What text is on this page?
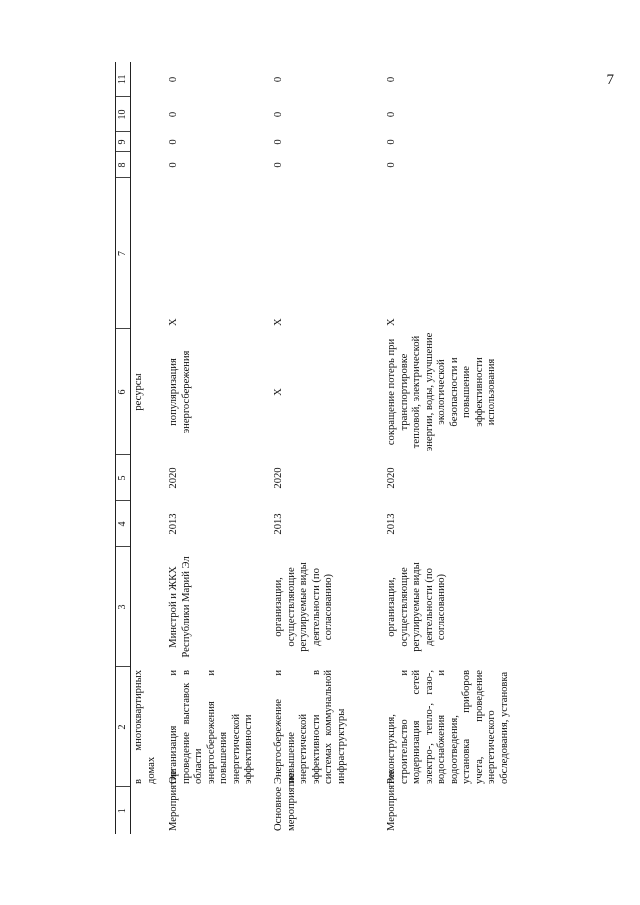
7
1	2	3	4	5	6	7	8	9	10	11
	в многоквартирных домах				ресурсы					
Мероприятие	Организация и проведение выставок в области энергосбережения и повышения энергетической эффективности	Минстрой и ЖКХ Республики Марий Эл	2013	2020	популяризация энергосбережения	Х	0	0	0	0
Основное мероприятие	Энергосбережение и повышение энергетической эффективности в системах коммунальной инфраструктуры	организации, осуществляющие регулируемые виды деятельности (по согласованию)	2013	2020	Х	Х	0	0	0	0
Мероприятие	Реконструкция, строительство и модернизация сетей электро-, тепло-, газо-, водоснабжения и водоотведения, установка приборов учета, проведение энергетического обследования, установка	организации, осуществляющие регулируемые виды деятельности (по согласованию)	2013	2020	сокращение потерь при транспортировке тепловой, электрической энергии, воды, улучшение экологической безопасности и повышение эффективности использования	Х	0	0	0	0
